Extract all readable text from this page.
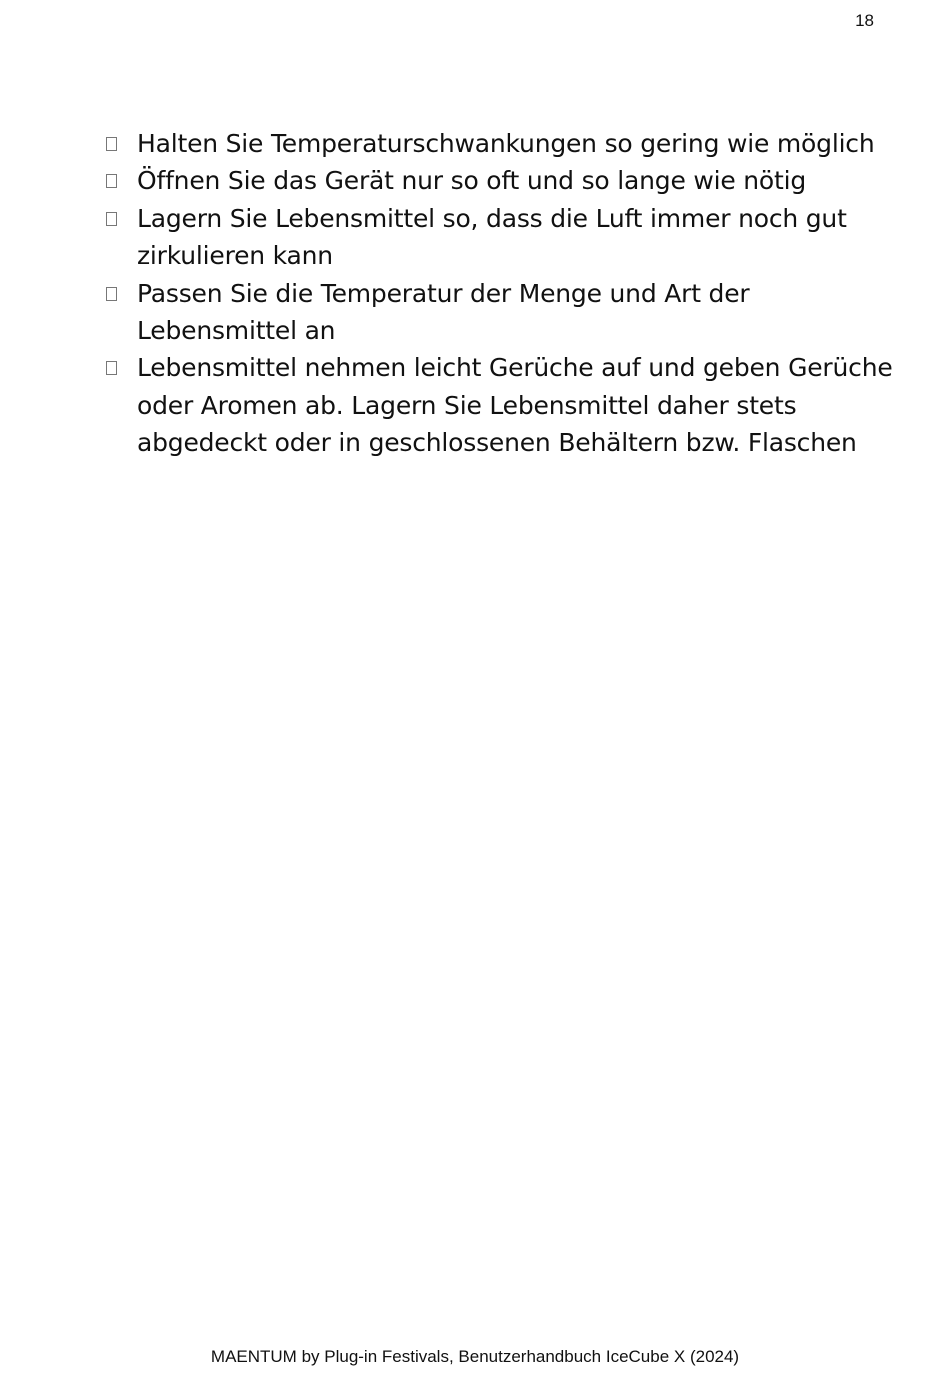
18
Halten Sie Temperaturschwankungen so gering wie möglich
Öffnen Sie das Gerät nur so oft und so lange wie nötig
Lagern Sie Lebensmittel so, dass die Luft immer noch gut zirkulieren kann
Passen Sie die Temperatur der Menge und Art der Lebensmittel an
Lebensmittel nehmen leicht Gerüche auf und geben Gerüche oder Aromen ab. Lagern Sie Lebensmittel daher stets abgedeckt oder in geschlossenen Behältern bzw. Flaschen
MAENTUM by Plug-in Festivals, Benutzerhandbuch IceCube X (2024)
